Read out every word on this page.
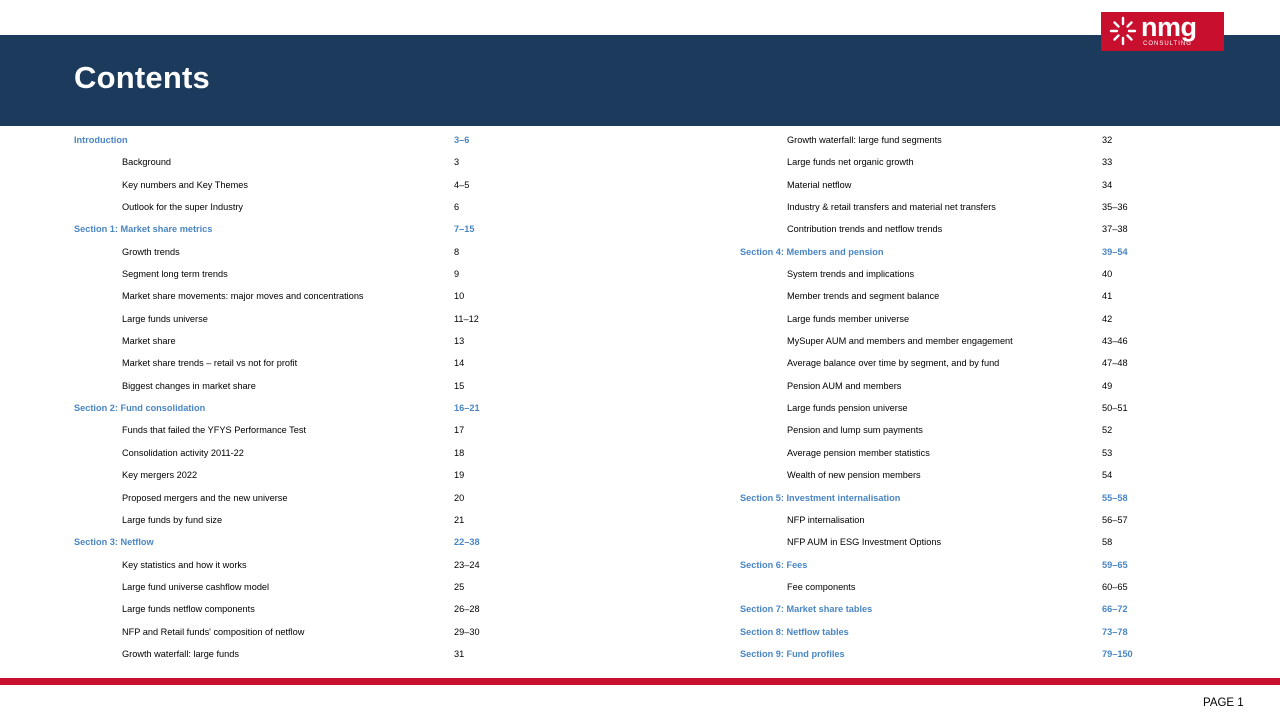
Contents
nmg
CONSULTING
Introduction	3–6
Background	3
Key numbers and Key Themes	4–5
Outlook for the super Industry	6
Section 1: Market share metrics	7–15
Growth trends	8
Segment long term trends	9
Market share movements: major moves and concentrations	10
Large funds universe	11–12
Market share	13
Market share trends – retail vs not for profit	14
Biggest changes in market share	15
Section 2: Fund consolidation	16–21
Funds that failed the YFYS Performance Test	17
Consolidation activity 2011-22	18
Key mergers 2022	19
Proposed mergers and the new universe	20
Large funds by fund size	21
Section 3: Netflow	22–38
Key statistics and how it works	23–24
Large fund universe cashflow model	25
Large funds netflow components	26–28
NFP and Retail funds' composition of netflow	29–30
Growth waterfall: large funds	31
Growth waterfall: large fund segments	32
Large funds net organic growth	33
Material netflow	34
Industry & retail transfers and material net transfers	35–36
Contribution trends and netflow trends	37–38
Section 4: Members and pension	39–54
System trends and implications	40
Member trends and segment balance	41
Large funds member universe	42
MySuper AUM and members and member engagement	43–46
Average balance over time by segment, and by fund	47–48
Pension AUM and members	49
Large funds pension universe	50–51
Pension and lump sum payments	52
Average pension member statistics	53
Wealth of new pension members	54
Section 5: Investment internalisation	55–58
NFP internalisation	56–57
NFP AUM in ESG Investment Options	58
Section 6: Fees	59–65
Fee components	60–65
Section 7: Market share tables	66–72
Section 8: Netflow tables	73–78
Section 9: Fund profiles	79–150
PAGE 1
